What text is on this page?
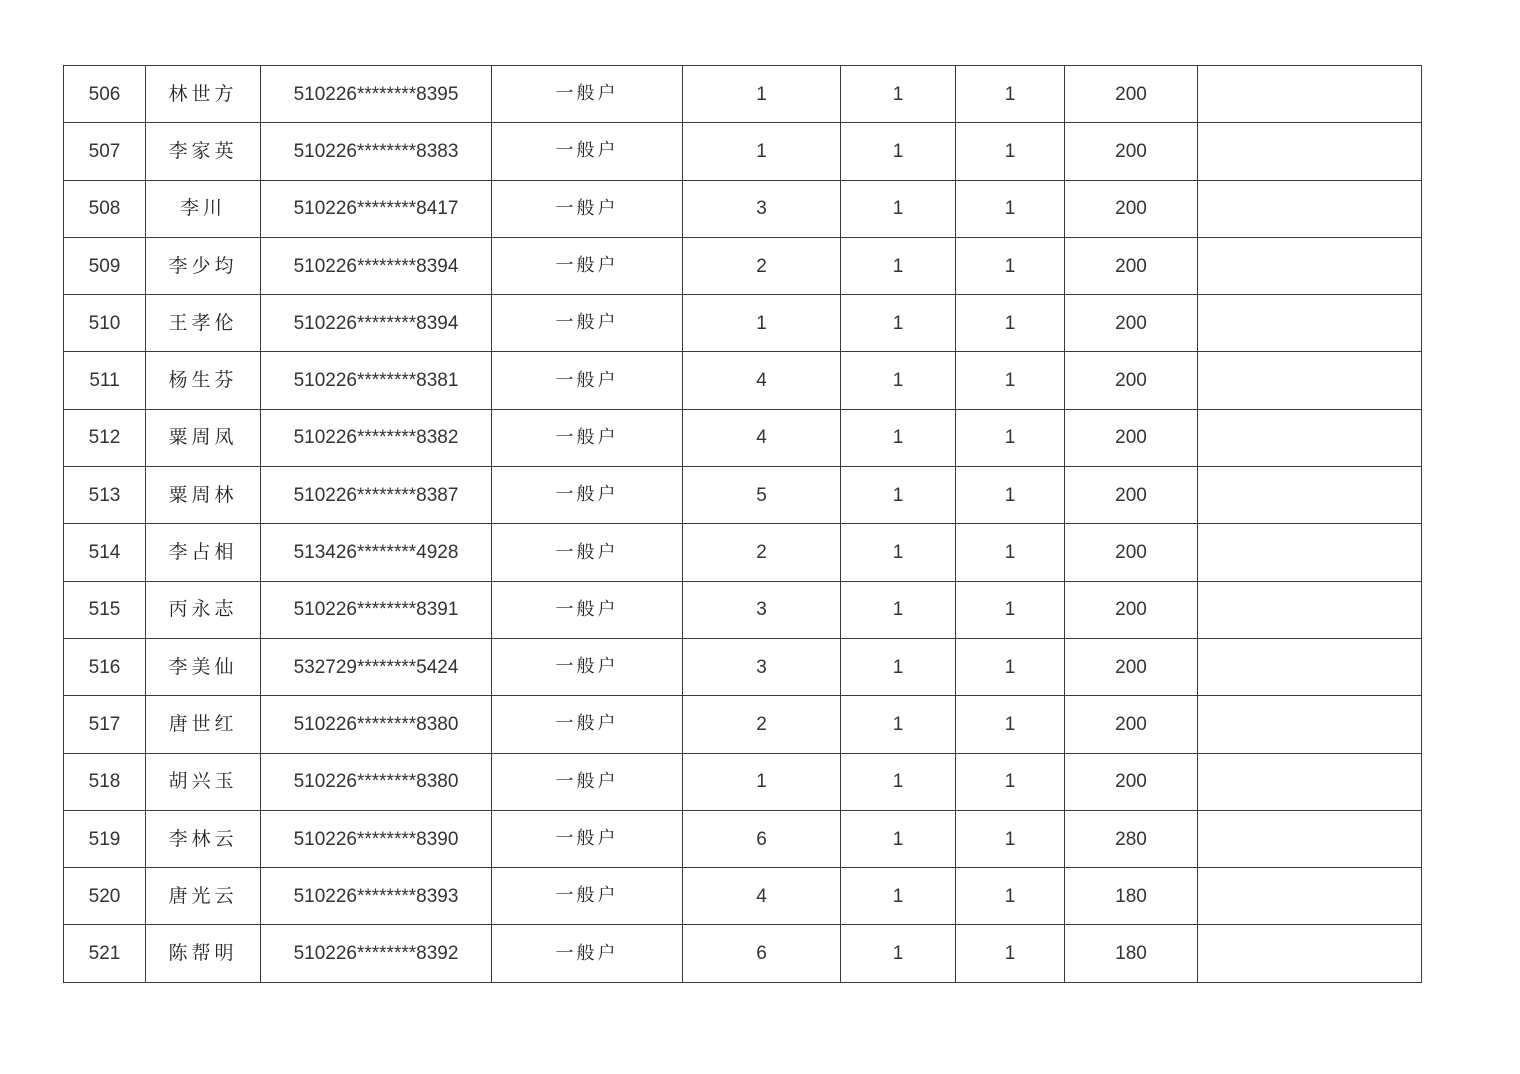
506	林世方	510226********8395	一般户	1	1	1	200	
507	李家英	510226********8383	一般户	1	1	1	200	
508	李川	510226********8417	一般户	3	1	1	200	
509	李少均	510226********8394	一般户	2	1	1	200	
510	王孝伦	510226********8394	一般户	1	1	1	200	
511	杨生芬	510226********8381	一般户	4	1	1	200	
512	粟周凤	510226********8382	一般户	4	1	1	200	
513	粟周林	510226********8387	一般户	5	1	1	200	
514	李占相	513426********4928	一般户	2	1	1	200	
515	丙永志	510226********8391	一般户	3	1	1	200	
516	李美仙	532729********5424	一般户	3	1	1	200	
517	唐世红	510226********8380	一般户	2	1	1	200	
518	胡兴玉	510226********8380	一般户	1	1	1	200	
519	李林云	510226********8390	一般户	6	1	1	280	
520	唐光云	510226********8393	一般户	4	1	1	180	
521	陈帮明	510226********8392	一般户	6	1	1	180	
